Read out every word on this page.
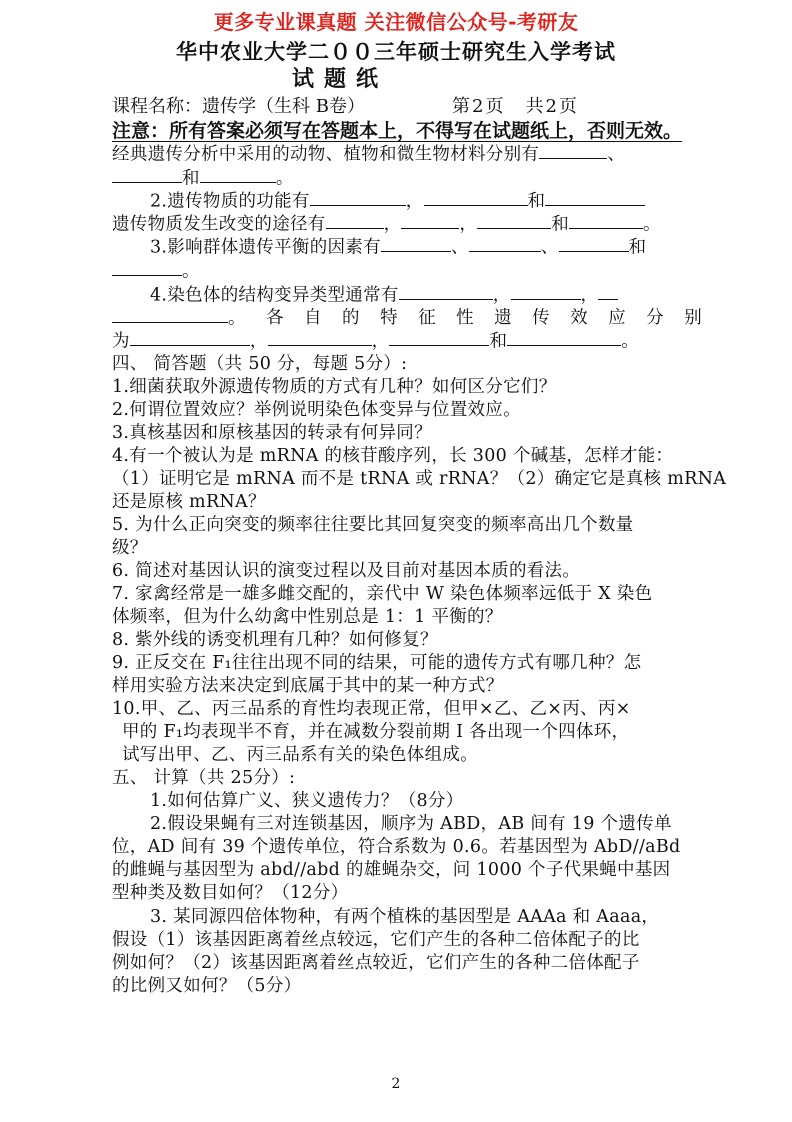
更多专业课真题 关注微信公众号-考研友
华中农业大学二００三年硕士研究生入学考试
试题纸
课程名称：遗传学（生科 B卷）	第2页　共2页
注意：所有答案必须写在答题本上，不得写在试题纸上，否则无效。
经典遗传分析中采用的动物、植物和微生物材料分别有	、
和	。
2.遗传物质的功能有	，	和
遗传物质发生改变的途径有	，	，	和	。
3.影响群体遗传平衡的因素有	、	、	和
。
4.染色体的结构变异类型通常有	，	，
。 各 自 的 特 征 性 遗 传 效 应 分 别
为	，	，	和	。
四、 简答题（共 50 分，每题 5分）:
1.细菌获取外源遗传物质的方式有几种？如何区分它们？
2.何谓位置效应？举例说明染色体变异与位置效应。
3.真核基因和原核基因的转录有何异同？
4.有一个被认为是 mRNA 的核苷酸序列，长 300 个碱基，怎样才能：
（1）证明它是 mRNA 而不是 tRNA 或 rRNA？（2）确定它是真核 mRNA
还是原核 mRNA？
5. 为什么正向突变的频率往往要比其回复突变的频率高出几个数量
级？
6. 简述对基因认识的演变过程以及目前对基因本质的看法。
7. 家禽经常是一雄多雌交配的，亲代中 W 染色体频率远低于 X 染色
体频率，但为什么幼禽中性别总是 1：1 平衡的？
8. 紫外线的诱变机理有几种？如何修复？
9. 正反交在 F₁往往出现不同的结果，可能的遗传方式有哪几种？怎
样用实验方法来决定到底属于其中的某一种方式？
10.甲、乙、丙三品系的育性均表现正常，但甲×乙、乙×丙、丙×
甲的 F₁均表现半不育，并在减数分裂前期 I 各出现一个四体环，
试写出甲、乙、丙三品系有关的染色体组成。
五、 计算（共 25分）:
1.如何估算广义、狭义遗传力？（8分）
2.假设果蝇有三对连锁基因，顺序为 ABD，AB 间有 19 个遗传单
位，AD 间有 39 个遗传单位，符合系数为 0.6。若基因型为 AbD//aBd
的雌蝇与基因型为 abd//abd 的雄蝇杂交，问 1000 个子代果蝇中基因
型种类及数目如何？（12分）
3. 某同源四倍体物种，有两个植株的基因型是 AAAa 和 Aaaa，
假设（1）该基因距离着丝点较远，它们产生的各种二倍体配子的比
例如何？（2）该基因距离着丝点较近，它们产生的各种二倍体配子
的比例又如何？（5分）
2
